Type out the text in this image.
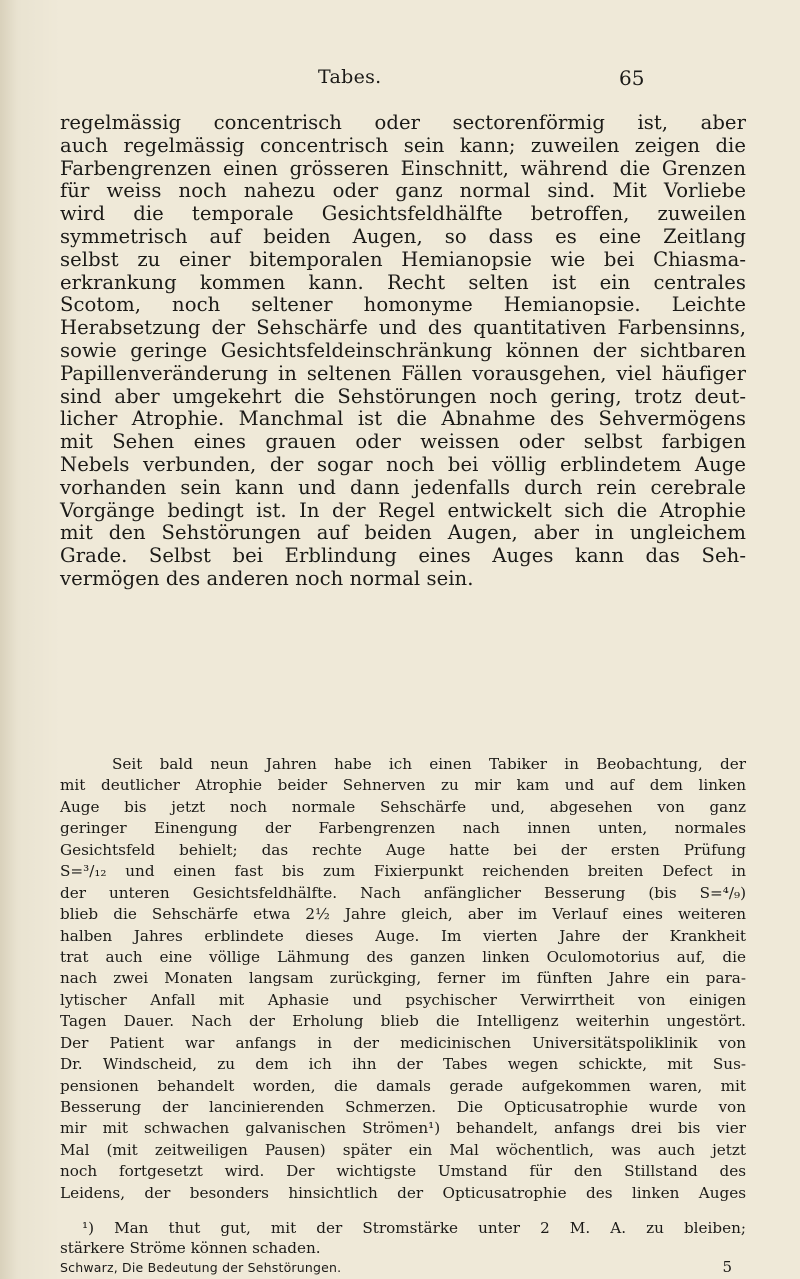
Tabes.	65
regelmässig concentrisch oder sectorenförmig ist, aber
auch regelmässig concentrisch sein kann; zuweilen zeigen die
Farbengrenzen einen grösseren Einschnitt, während die Grenzen
für weiss noch nahezu oder ganz normal sind. Mit Vorliebe
wird die temporale Gesichtsfeldhälfte betroffen, zuweilen
symmetrisch auf beiden Augen, so dass es eine Zeitlang
selbst zu einer bitemporalen Hemianopsie wie bei Chiasma-
erkrankung kommen kann. Recht selten ist ein centrales
Scotom, noch seltener homonyme Hemianopsie. Leichte
Herabsetzung der Sehschärfe und des quantitativen Farbensinns,
sowie geringe Gesichtsfeldeinschränkung können der sichtbaren
Papillenveränderung in seltenen Fällen vorausgehen, viel häufiger
sind aber umgekehrt die Sehstörungen noch gering, trotz deut-
licher Atrophie. Manchmal ist die Abnahme des Sehvermögens
mit Sehen eines grauen oder weissen oder selbst farbigen
Nebels verbunden, der sogar noch bei völlig erblindetem Auge
vorhanden sein kann und dann jedenfalls durch rein cerebrale
Vorgänge bedingt ist. In der Regel entwickelt sich die Atrophie
mit den Sehstörungen auf beiden Augen, aber in ungleichem
Grade. Selbst bei Erblindung eines Auges kann das Seh-
vermögen des anderen noch normal sein.
Seit bald neun Jahren habe ich einen Tabiker in Beobachtung, der
mit deutlicher Atrophie beider Sehnerven zu mir kam und auf dem linken
Auge bis jetzt noch normale Sehschärfe und, abgesehen von ganz
geringer Einengung der Farbengrenzen nach innen unten, normales
Gesichtsfeld behielt; das rechte Auge hatte bei der ersten Prüfung
S=³/₁₂ und einen fast bis zum Fixierpunkt reichenden breiten Defect in
der unteren Gesichtsfeldhälfte. Nach anfänglicher Besserung (bis S=⁴/₉)
blieb die Sehschärfe etwa 2½ Jahre gleich, aber im Verlauf eines weiteren
halben Jahres erblindete dieses Auge. Im vierten Jahre der Krankheit
trat auch eine völlige Lähmung des ganzen linken Oculomotorius auf, die
nach zwei Monaten langsam zurückging, ferner im fünften Jahre ein para-
lytischer Anfall mit Aphasie und psychischer Verwirrtheit von einigen
Tagen Dauer. Nach der Erholung blieb die Intelligenz weiterhin ungestört.
Der Patient war anfangs in der medicinischen Universitätspoliklinik von
Dr. Windscheid, zu dem ich ihn der Tabes wegen schickte, mit Sus-
pensionen behandelt worden, die damals gerade aufgekommen waren, mit
Besserung der lancinierenden Schmerzen. Die Opticusatrophie wurde von
mir mit schwachen galvanischen Strömen¹) behandelt, anfangs drei bis vier
Mal (mit zeitweiligen Pausen) später ein Mal wöchentlich, was auch jetzt
noch fortgesetzt wird. Der wichtigste Umstand für den Stillstand des
Leidens, der besonders hinsichtlich der Opticusatrophie des linken Auges
¹) Man thut gut, mit der Stromstärke unter 2 M. A. zu bleiben;
stärkere Ströme können schaden.
Schwarz, Die Bedeutung der Sehstörungen.	5
